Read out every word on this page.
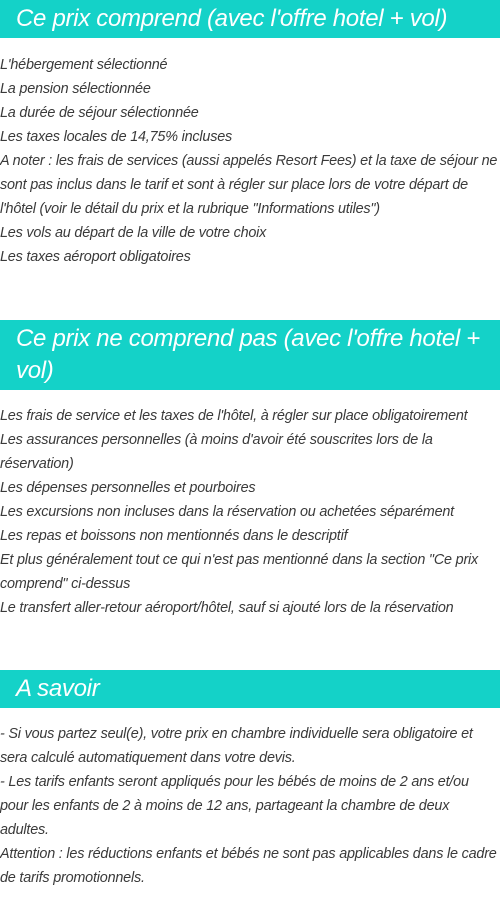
Ce prix comprend (avec l'offre hotel + vol)

L'hébergement sélectionné

La pension sélectionnée

La durée de séjour sélectionnée

Les taxes locales de 14,75% incluses

A noter : les frais de services (aussi appelés Resort Fees) et la taxe de séjour ne sont pas inclus dans le tarif et sont à régler sur place lors de votre départ de l'hôtel (voir le détail du prix et la rubrique "Informations utiles")

Les vols au départ de la ville de votre choix

Les taxes aéroport obligatoires

Ce prix ne comprend pas (avec l'offre hotel + vol)

Les frais de service et les taxes de l'hôtel, à régler sur place obligatoirement

Les assurances personnelles (à moins d'avoir été souscrites lors de la réservation)

Les dépenses personnelles et pourboires

Les excursions non incluses dans la réservation ou achetées séparément

Les repas et boissons non mentionnés dans le descriptif

Et plus généralement tout ce qui n'est pas mentionné dans la section "Ce prix comprend" ci-dessus

Le transfert aller-retour aéroport/hôtel, sauf si ajouté lors de la réservation

A savoir

- Si vous partez seul(e), votre prix en chambre individuelle sera obligatoire et sera calculé automatiquement dans votre devis.

- Les tarifs enfants seront appliqués pour les bébés de moins de 2 ans et/ou pour les enfants de 2 à moins de 12 ans, partageant la chambre de deux adultes.

Attention : les réductions enfants et bébés ne sont pas applicables dans le cadre de tarifs promotionnels.
